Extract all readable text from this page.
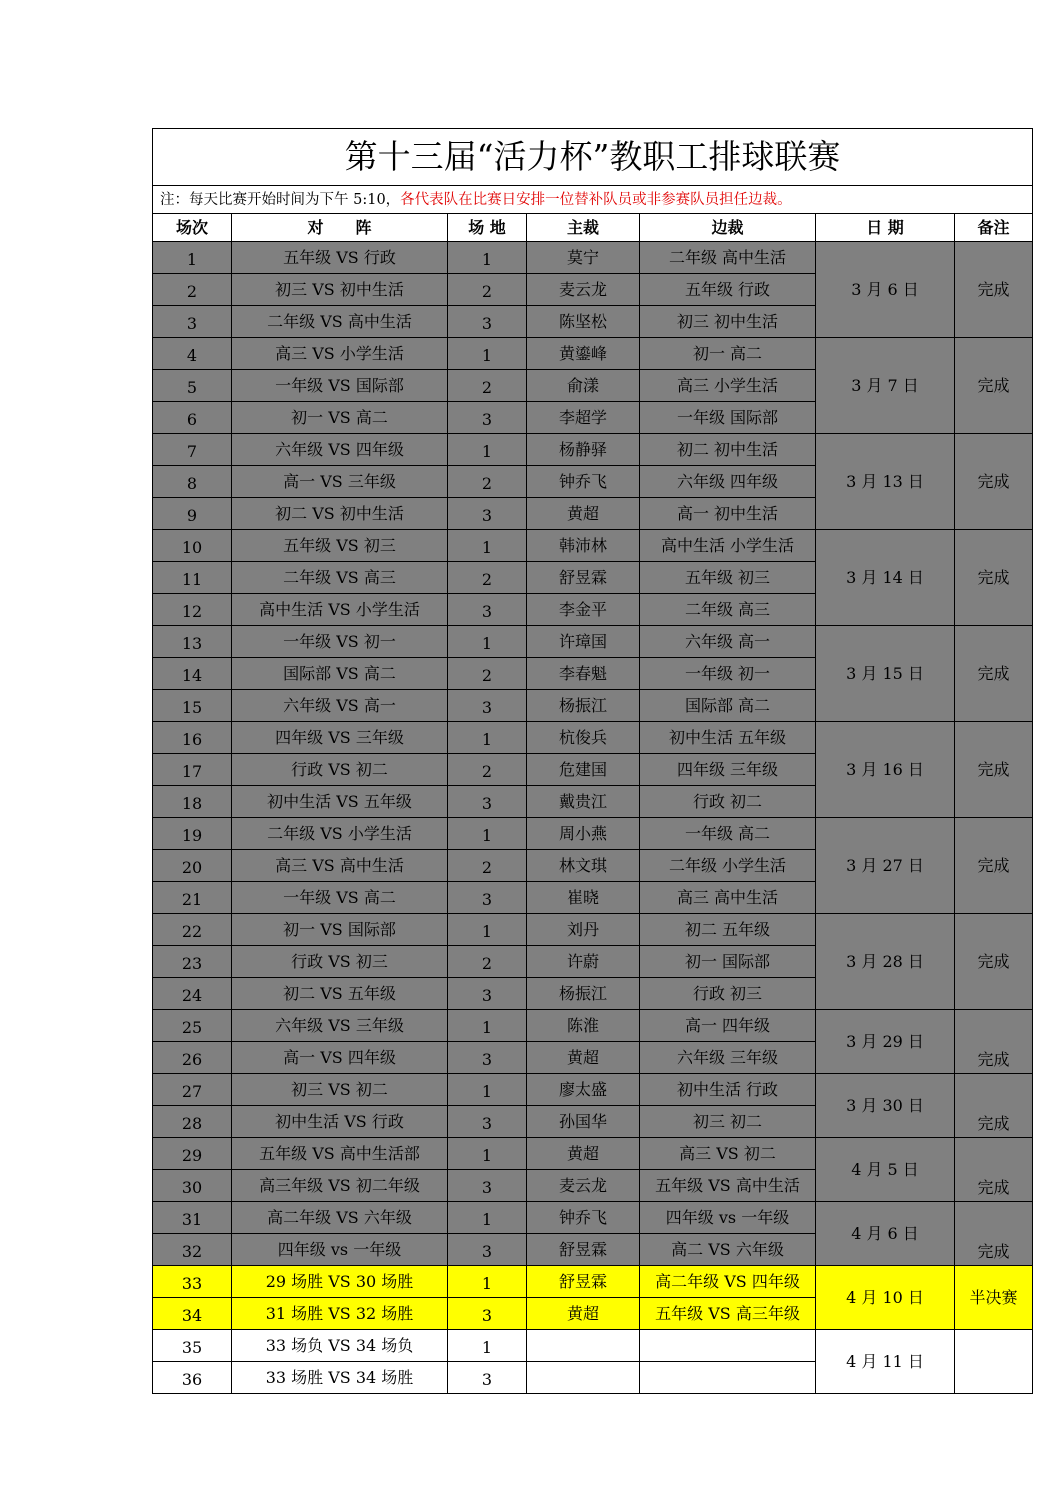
第十三届“活力杯”教职工排球联赛						
注：每天比赛开始时间为下午 5:10，各代表队在比赛日安排一位替补队员或非参赛队员担任边裁。						
场次	对　　阵	场 地	主裁	边裁	日 期	备注
1	五年级 VS 行政	1	莫宁	二年级 高中生活	3 月 6 日	完成
2	初三 VS 初中生活	2	麦云龙	五年级 行政		
3	二年级 VS 高中生活	3	陈坚松	初三 初中生活		
4	高三 VS 小学生活	1	黄鎏峰	初一 高二	3 月 7 日	完成
5	一年级 VS 国际部	2	俞漾	高三 小学生活		
6	初一 VS 高二	3	李超学	一年级 国际部		
7	六年级 VS 四年级	1	杨静驿	初二 初中生活	3 月 13 日	完成
8	高一 VS 三年级	2	钟乔飞	六年级 四年级		
9	初二 VS 初中生活	3	黄超	高一 初中生活		
10	五年级 VS 初三	1	韩沛林	高中生活 小学生活	3 月 14 日	完成
11	二年级 VS 高三	2	舒昱霖	五年级 初三		
12	高中生活 VS 小学生活	3	李金平	二年级 高三		
13	一年级 VS 初一	1	许璋国	六年级 高一	3 月 15 日	完成
14	国际部 VS 高二	2	李春魁	一年级 初一		
15	六年级 VS 高一	3	杨振江	国际部 高二		
16	四年级 VS 三年级	1	杭俊兵	初中生活 五年级	3 月 16 日	完成
17	行政 VS 初二	2	危建国	四年级 三年级		
18	初中生活 VS 五年级	3	戴贵江	行政 初二		
19	二年级 VS 小学生活	1	周小燕	一年级 高二	3 月 27 日	完成
20	高三 VS 高中生活	2	林文琪	二年级 小学生活		
21	一年级 VS 高二	3	崔晓	高三 高中生活		
22	初一 VS 国际部	1	刘丹	初二 五年级	3 月 28 日	完成
23	行政 VS 初三	2	许蔚	初一 国际部		
24	初二 VS 五年级	3	杨振江	行政 初三		
25	六年级 VS 三年级	1	陈淮	高一 四年级	3 月 29 日	完成
26	高一 VS 四年级	3	黄超	六年级 三年级		
27	初三 VS 初二	1	廖太盛	初中生活 行政	3 月 30 日	完成
28	初中生活 VS 行政	3	孙国华	初三 初二		
29	五年级 VS 高中生活部	1	黄超	高三 VS 初二	4 月 5 日	完成
30	高三年级 VS 初二年级	3	麦云龙	五年级 VS 高中生活		
31	高二年级 VS 六年级	1	钟乔飞	四年级 vs 一年级	4 月 6 日	完成
32	四年级 vs 一年级	3	舒昱霖	高二 VS 六年级		
33	29 场胜 VS 30 场胜	1	舒昱霖	高二年级 VS 四年级	4 月 10 日	半决赛
34	31 场胜 VS 32 场胜	3	黄超	五年级 VS 高三年级		
35	33 场负 VS 34 场负	1			4 月 11 日	
36	33 场胜 VS 34 场胜	3				
